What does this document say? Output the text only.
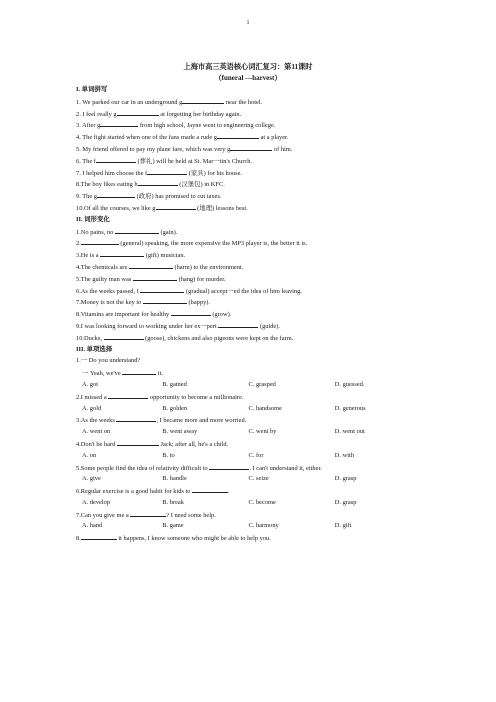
1
上海市高三英语核心词汇复习：第11课时
（funeral ---harvest）
I. 单词拼写
1. We parked our car in an underground g	near the hotel.
2. I feel really g	at forgetting her birthday again.
3. After g	from high school, Jayne went to engineering college.
4. The fight started when one of the fans made a rude g	at a player.
5. My friend offered to pay my plane fare, which was very g	of him.
6. The f	(葬礼) will be held at St. Mar一tin's Church.
7. I helped him choose the f	(家具) for his house.
8.The boy likes eating h	(汉堡包) in KFC.
9. The g	(政府) has promised to cut taxes.
10.Of all the courses, we like g	(地理) lessons best.
II. 词形变化
1.No pains, no	(gain).
2.	(general) speaking, the more expensive the MP3 player is, the better it is.
3.He is a	(gift) musician.
4.The chemicals are	(harm) to the environment.
5.The guilty man was	(hang) for murder.
6.As the weeks passed, I	(gradual) accept一ed the idea of him leaving.
7.Money is not the key to	(happy).
8.Vitamins are important for healthy	(grow).
9.I was looking forward to working under her ex一pert	(guide).
10.Ducks,	(goose), chickens and also pigeons were kept on the farm.
III. 单项选择
1.一 Do you understand?
一 Yeah, we've	it.
A. got	B. gained	C. grasped	D. guessed.
2.I missed a	opportunity to become a millionaire.
A. gold	B. golden	C. handsome	D. generous
3.As the weeks	, I became more and more worried.
A. went on	B. went away	C. went by	D. went out
4.Don't be hard	Jack; after all, he's a child.
A. on	B. to	C. for	D. with
5.Some people find the idea of relativity difficult to	. I can't understand it, either.
A. give	B. handle	C. seize	D. grasp
6.Regular exercise is a good habit for kids to	.
A. develop	B. break	C. become	D. grasp
7.Can you give me a	? I need some help.
A. hand	B. game	C. harmony	D. gift
8.	it happens, I know someone who might be able to help you.
